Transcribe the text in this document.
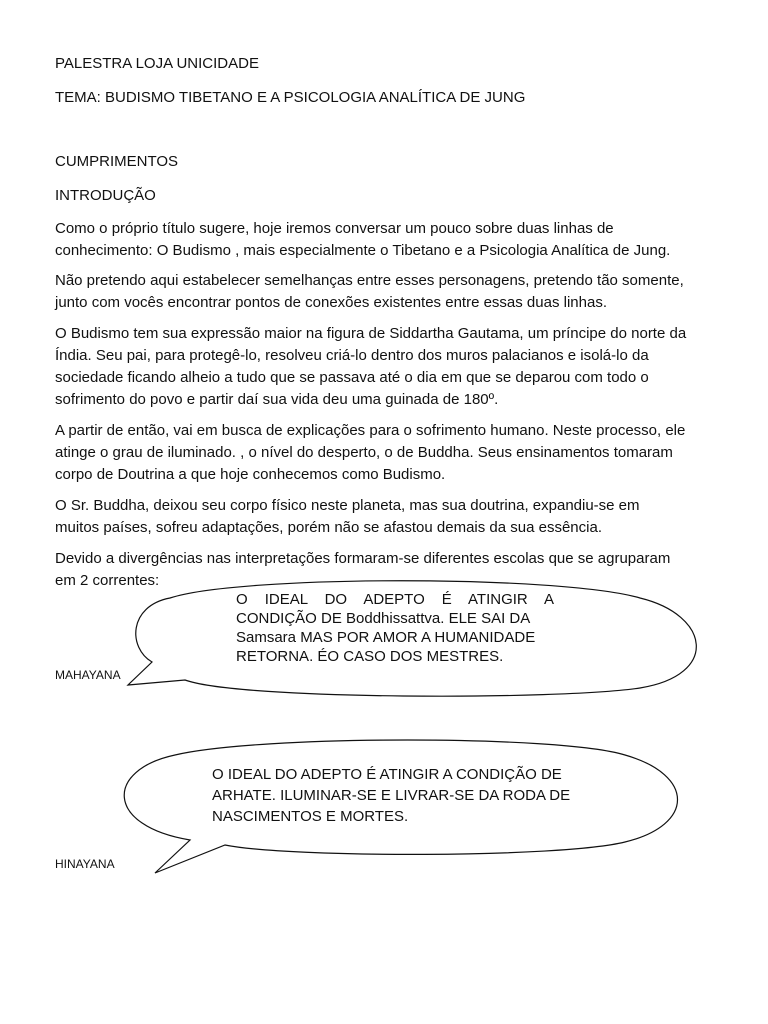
PALESTRA LOJA UNICIDADE
TEMA: BUDISMO TIBETANO E A PSICOLOGIA ANALÍTICA DE JUNG
CUMPRIMENTOS
INTRODUÇÃO
Como o próprio título sugere, hoje iremos conversar um pouco sobre duas linhas de
conhecimento: O Budismo , mais especialmente o Tibetano e a Psicologia Analítica de Jung.
Não pretendo aqui estabelecer semelhanças entre esses personagens, pretendo tão somente,
junto com vocês encontrar pontos de conexões existentes entre essas duas linhas.
O Budismo tem sua expressão maior na figura de Siddartha Gautama, um príncipe do norte da
Índia. Seu pai, para protegê-lo, resolveu criá-lo dentro dos muros palacianos e isolá-lo da
sociedade ficando alheio a tudo que se passava até o dia em que se deparou com todo o
sofrimento do povo e partir daí sua vida deu uma guinada de 180º.
A partir de então, vai em busca de explicações para o sofrimento humano. Neste processo, ele
atinge o grau de iluminado. , o nível do desperto, o de Buddha. Seus ensinamentos tomaram
corpo de Doutrina a que hoje conhecemos como Budismo.
O Sr. Buddha, deixou seu corpo físico neste planeta, mas sua doutrina, expandiu-se em
muitos países, sofreu adaptações, porém não se afastou demais da sua essência.
Devido a divergências nas interpretações formaram-se diferentes escolas que se agruparam
em 2 correntes:
O IDEAL DO ADEPTO É ATINGIR A
CONDIÇÃO DE Boddhissattva. ELE SAI DA
Samsara MAS POR AMOR A HUMANIDADE
RETORNA. ÉO CASO DOS MESTRES.
MAHAYANA
O IDEAL DO ADEPTO É ATINGIR A CONDIÇÃO DE
ARHATE. ILUMINAR-SE E LIVRAR-SE DA RODA DE
NASCIMENTOS E MORTES.
HINAYANA
